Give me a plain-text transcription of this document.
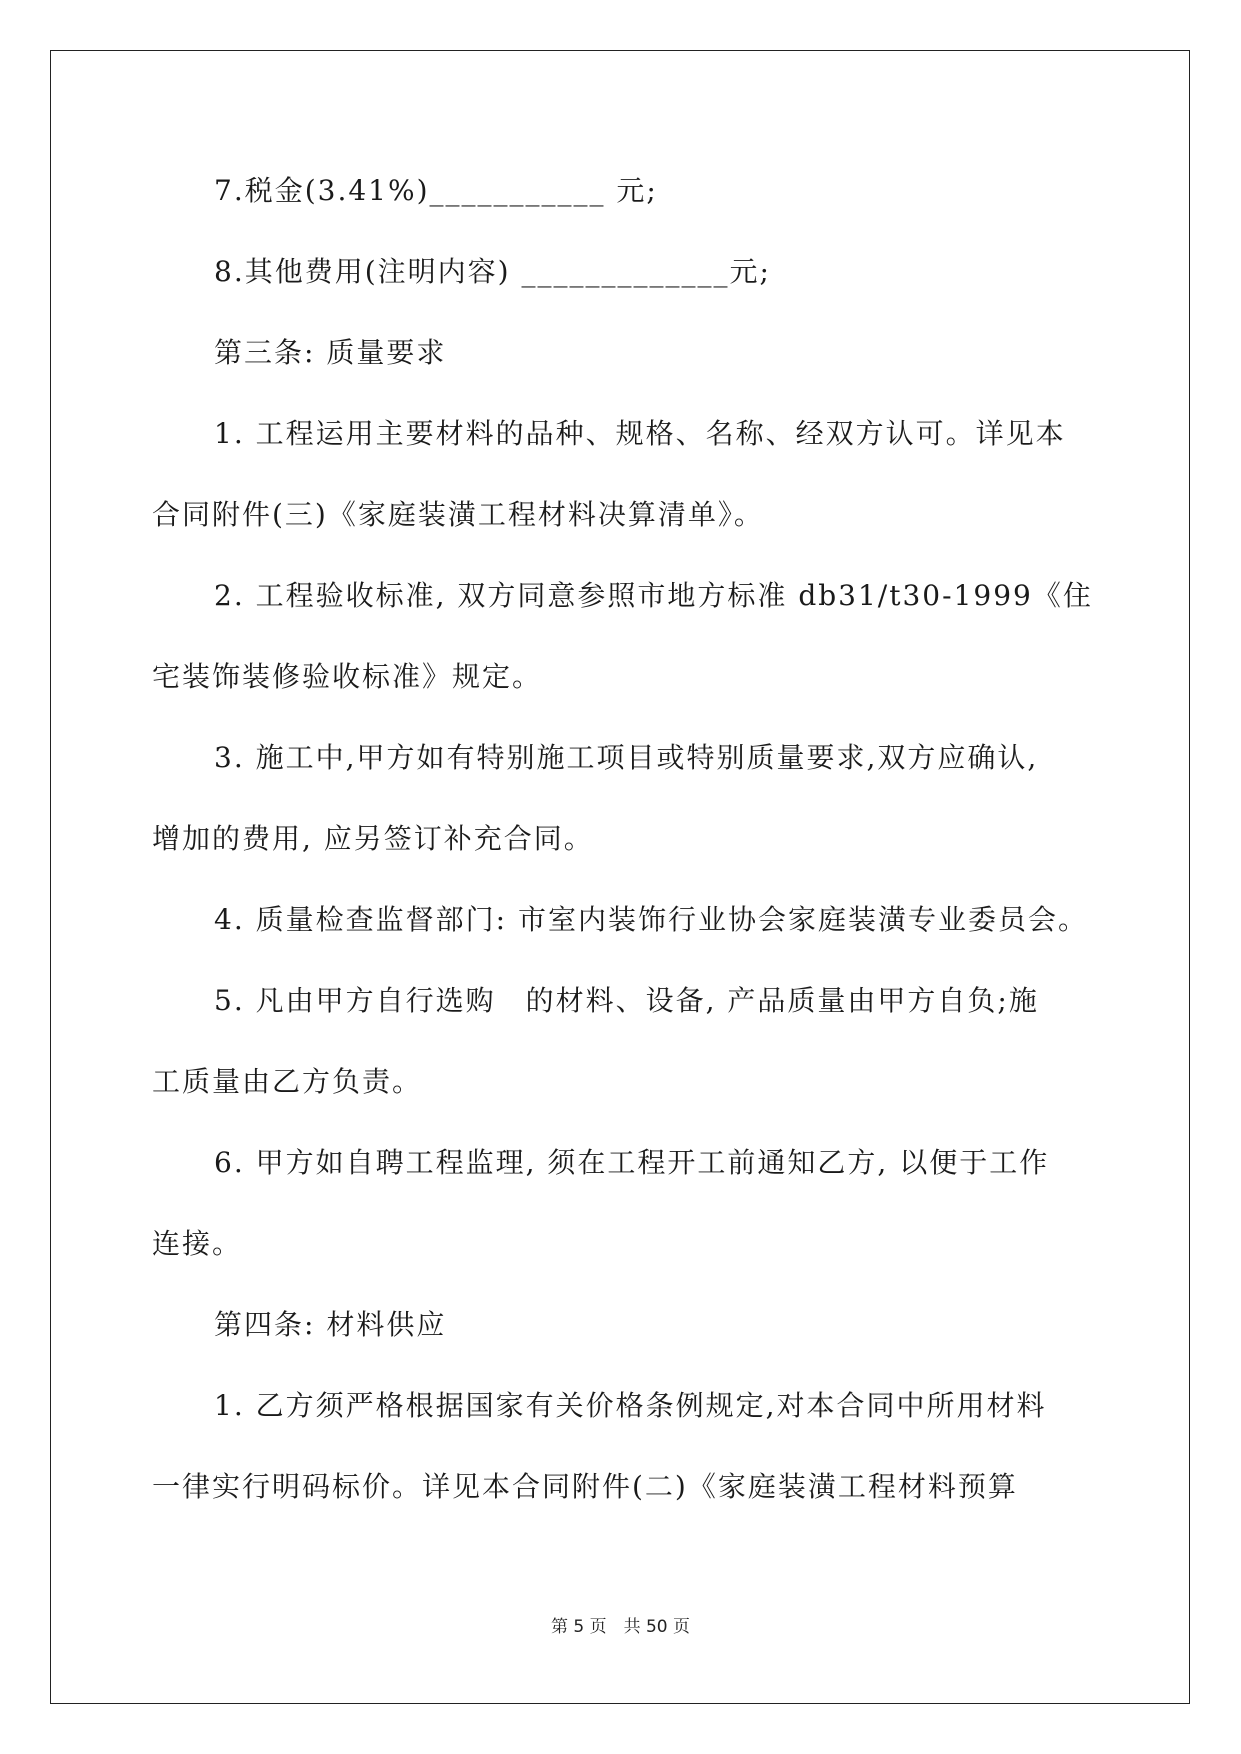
7.税金(3.41%)___________ 元;
8.其他费用(注明内容) _____________元;
第三条: 质量要求
1. 工程运用主要材料的品种、规格、名称、经双方认可。详见本
合同附件(三)《家庭装潢工程材料决算清单》。
2. 工程验收标准, 双方同意参照市地方标准 db31/t30-1999《住
宅装饰装修验收标准》规定。
3. 施工中,甲方如有特别施工项目或特别质量要求,双方应确认,
增加的费用, 应另签订补充合同。
4. 质量检查监督部门: 市室内装饰行业协会家庭装潢专业委员会。
5. 凡由甲方自行选购　的材料、设备, 产品质量由甲方自负;施
工质量由乙方负责。
6. 甲方如自聘工程监理, 须在工程开工前通知乙方, 以便于工作
连接。
第四条: 材料供应
1. 乙方须严格根据国家有关价格条例规定,对本合同中所用材料
一律实行明码标价。详见本合同附件(二)《家庭装潢工程材料预算
第 5 页　共 50 页
